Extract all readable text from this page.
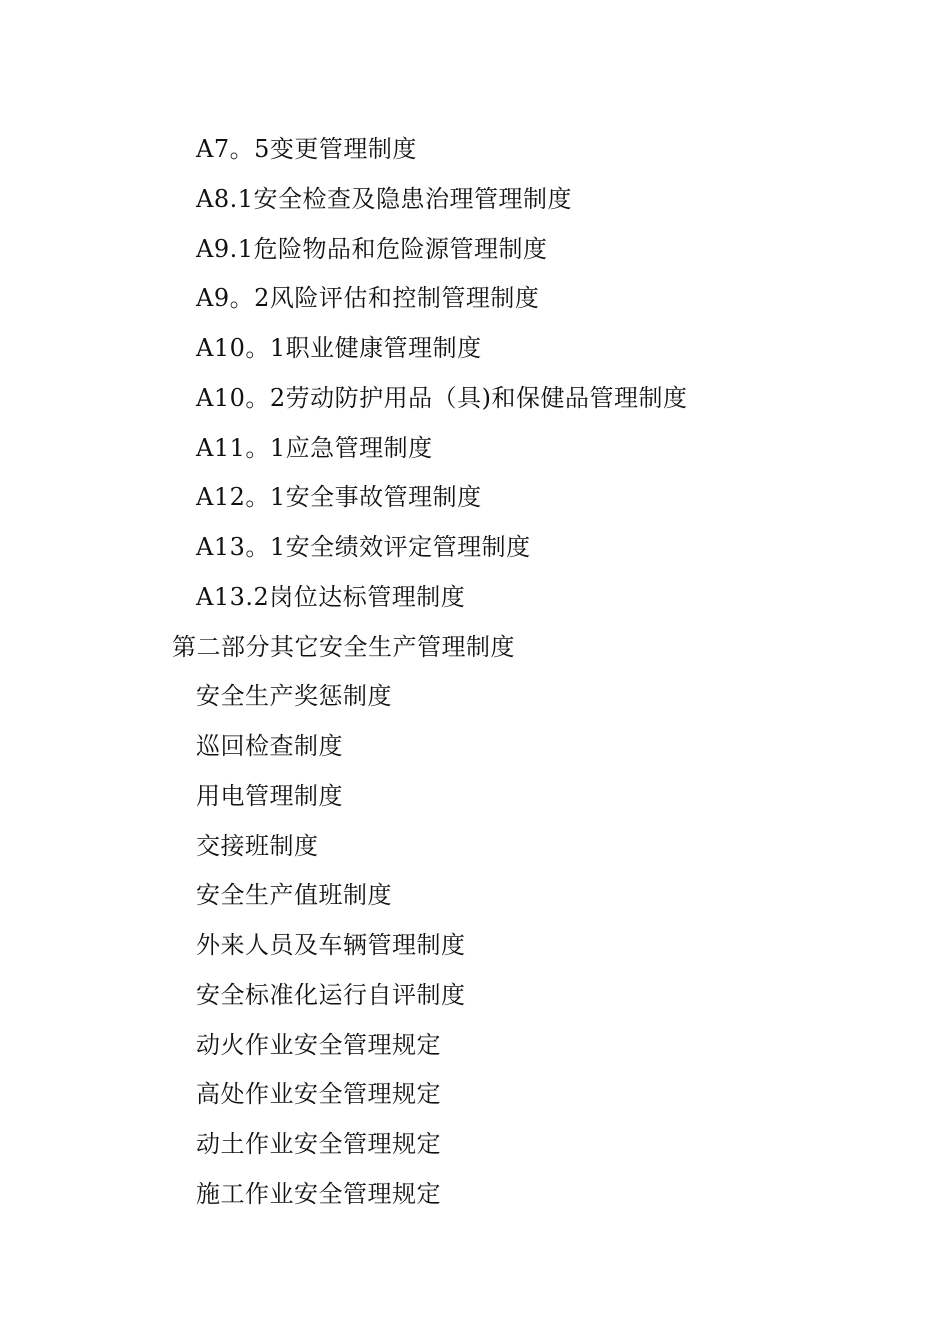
A7。5变更管理制度
A8.1安全检查及隐患治理管理制度
A9.1危险物品和危险源管理制度
A9。2风险评估和控制管理制度
A10。1职业健康管理制度
A10。2劳动防护用品（具)和保健品管理制度
A11。1应急管理制度
A12。1安全事故管理制度
A13。1安全绩效评定管理制度
A13.2岗位达标管理制度
第二部分其它安全生产管理制度
安全生产奖惩制度
巡回检查制度
用电管理制度
交接班制度
安全生产值班制度
外来人员及车辆管理制度
安全标准化运行自评制度
动火作业安全管理规定
高处作业安全管理规定
动土作业安全管理规定
施工作业安全管理规定
